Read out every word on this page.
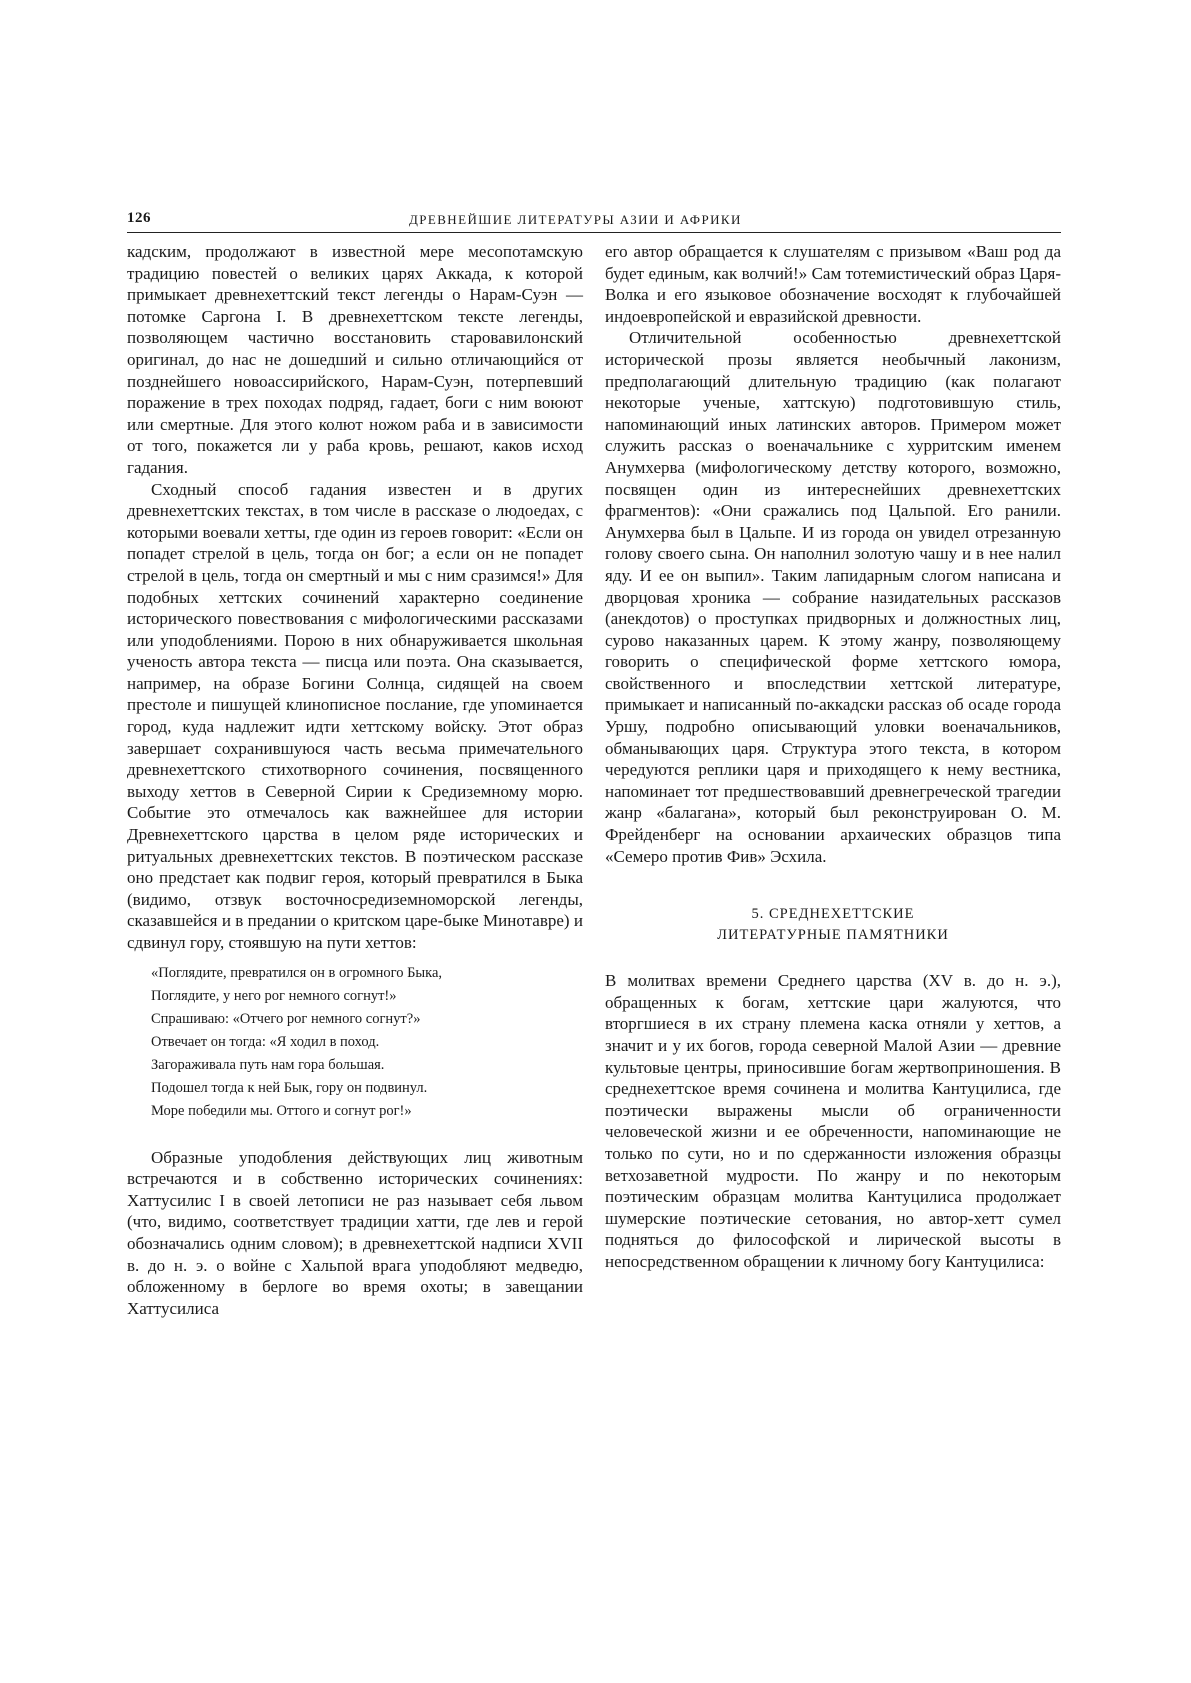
126	ДРЕВНЕЙШИЕ ЛИТЕРАТУРЫ АЗИИ И АФРИКИ

кадским, продолжают в известной мере месопотамскую традицию повестей о великих царях Аккада, к которой примыкает древнехеттский текст легенды о Нарам-Суэн — потомке Саргона I. В древнехеттском тексте легенды, позволяющем частично восстановить старовавилонский оригинал, до нас не дошедший и сильно отличающийся от позднейшего новоассирийского, Нарам-Суэн, потерпевший поражение в трех походах подряд, гадает, боги с ним воюют или смертные. Для этого колют ножом раба и в зависимости от того, покажется ли у раба кровь, решают, каков исход гадания.

Сходный способ гадания известен и в других древнехеттских текстах, в том числе в рассказе о людоедах, с которыми воевали хетты, где один из героев говорит: «Если он попадет стрелой в цель, тогда он бог; а если он не попадет стрелой в цель, тогда он смертный и мы с ним сразимся!» Для подобных хеттских сочинений характерно соединение исторического повествования с мифологическими рассказами или уподоблениями. Порою в них обнаруживается школьная ученость автора текста — писца или поэта. Она сказывается, например, на образе Богини Солнца, сидящей на своем престоле и пишущей клинописное послание, где упоминается город, куда надлежит идти хеттскому войску. Этот образ завершает сохранившуюся часть весьма примечательного древнехеттского стихотворного сочинения, посвященного выходу хеттов в Северной Сирии к Средиземному морю. Событие это отмечалось как важнейшее для истории Древнехеттского царства в целом ряде исторических и ритуальных древнехеттских текстов. В поэтическом рассказе оно предстает как подвиг героя, который превратился в Быка (видимо, отзвук восточносредиземноморской легенды, сказавшейся и в предании о критском царе-быке Минотавре) и сдвинул гору, стоявшую на пути хеттов:

«Поглядите, превратился он в огромного Быка,
Поглядите, у него рог немного согнут!»
Спрашиваю: «Отчего рог немного согнут?»
Отвечает он тогда: «Я ходил в поход.
Загораживала путь нам гора большая.
Подошел тогда к ней Бык, гору он подвинул.
Море победили мы. Оттого и согнут рог!»

Образные уподобления действующих лиц животным встречаются и в собственно исторических сочинениях: Хаттусилис I в своей летописи не раз называет себя львом (что, видимо, соответствует традиции хатти, где лев и герой обозначались одним словом); в древнехеттской надписи XVII в. до н. э. о войне с Хальпой врага уподобляют медведю, обложенному в берлоге во время охоты; в завещании Хаттусилиса

его автор обращается к слушателям с призывом «Ваш род да будет единым, как волчий!» Сам тотемистический образ Царя-Волка и его языковое обозначение восходят к глубочайшей индоевропейской и евразийской древности.

Отличительной особенностью древнехеттской исторической прозы является необычный лаконизм, предполагающий длительную традицию (как полагают некоторые ученые, хаттскую) подготовившую стиль, напоминающий иных латинских авторов. Примером может служить рассказ о военачальнике с хурритским именем Анумхерва (мифологическому детству которого, возможно, посвящен один из интереснейших древнехеттских фрагментов): «Они сражались под Цальпой. Его ранили. Анумхерва был в Цальпе. И из города он увидел отрезанную голову своего сына. Он наполнил золотую чашу и в нее налил яду. И ее он выпил». Таким лапидарным слогом написана и дворцовая хроника — собрание назидательных рассказов (анекдотов) о проступках придворных и должностных лиц, сурово наказанных царем. К этому жанру, позволяющему говорить о специфической форме хеттского юмора, свойственного и впоследствии хеттской литературе, примыкает и написанный по-аккадски рассказ об осаде города Уршу, подробно описывающий уловки военачальников, обманывающих царя. Структура этого текста, в котором чередуются реплики царя и приходящего к нему вестника, напоминает тот предшествовавший древнегреческой трагедии жанр «балагана», который был реконструирован О. М. Фрейденберг на основании архаических образцов типа «Семеро против Фив» Эсхила.

5. СРЕДНЕХЕТТСКИЕ
ЛИТЕРАТУРНЫЕ ПАМЯТНИКИ

В молитвах времени Среднего царства (XV в. до н. э.), обращенных к богам, хеттские цари жалуются, что вторгшиеся в их страну племена каска отняли у хеттов, а значит и у их богов, города северной Малой Азии — древние культовые центры, приносившие богам жертвоприношения. В среднехеттское время сочинена и молитва Кантуцилиса, где поэтически выражены мысли об ограниченности человеческой жизни и ее обреченности, напоминающие не только по сути, но и по сдержанности изложения образцы ветхозаветной мудрости. По жанру и по некоторым поэтическим образцам молитва Кантуцилиса продолжает шумерские поэтические сетования, но автор-хетт сумел подняться до философской и лирической высоты в непосредственном обращении к личному богу Кантуцилиса:
